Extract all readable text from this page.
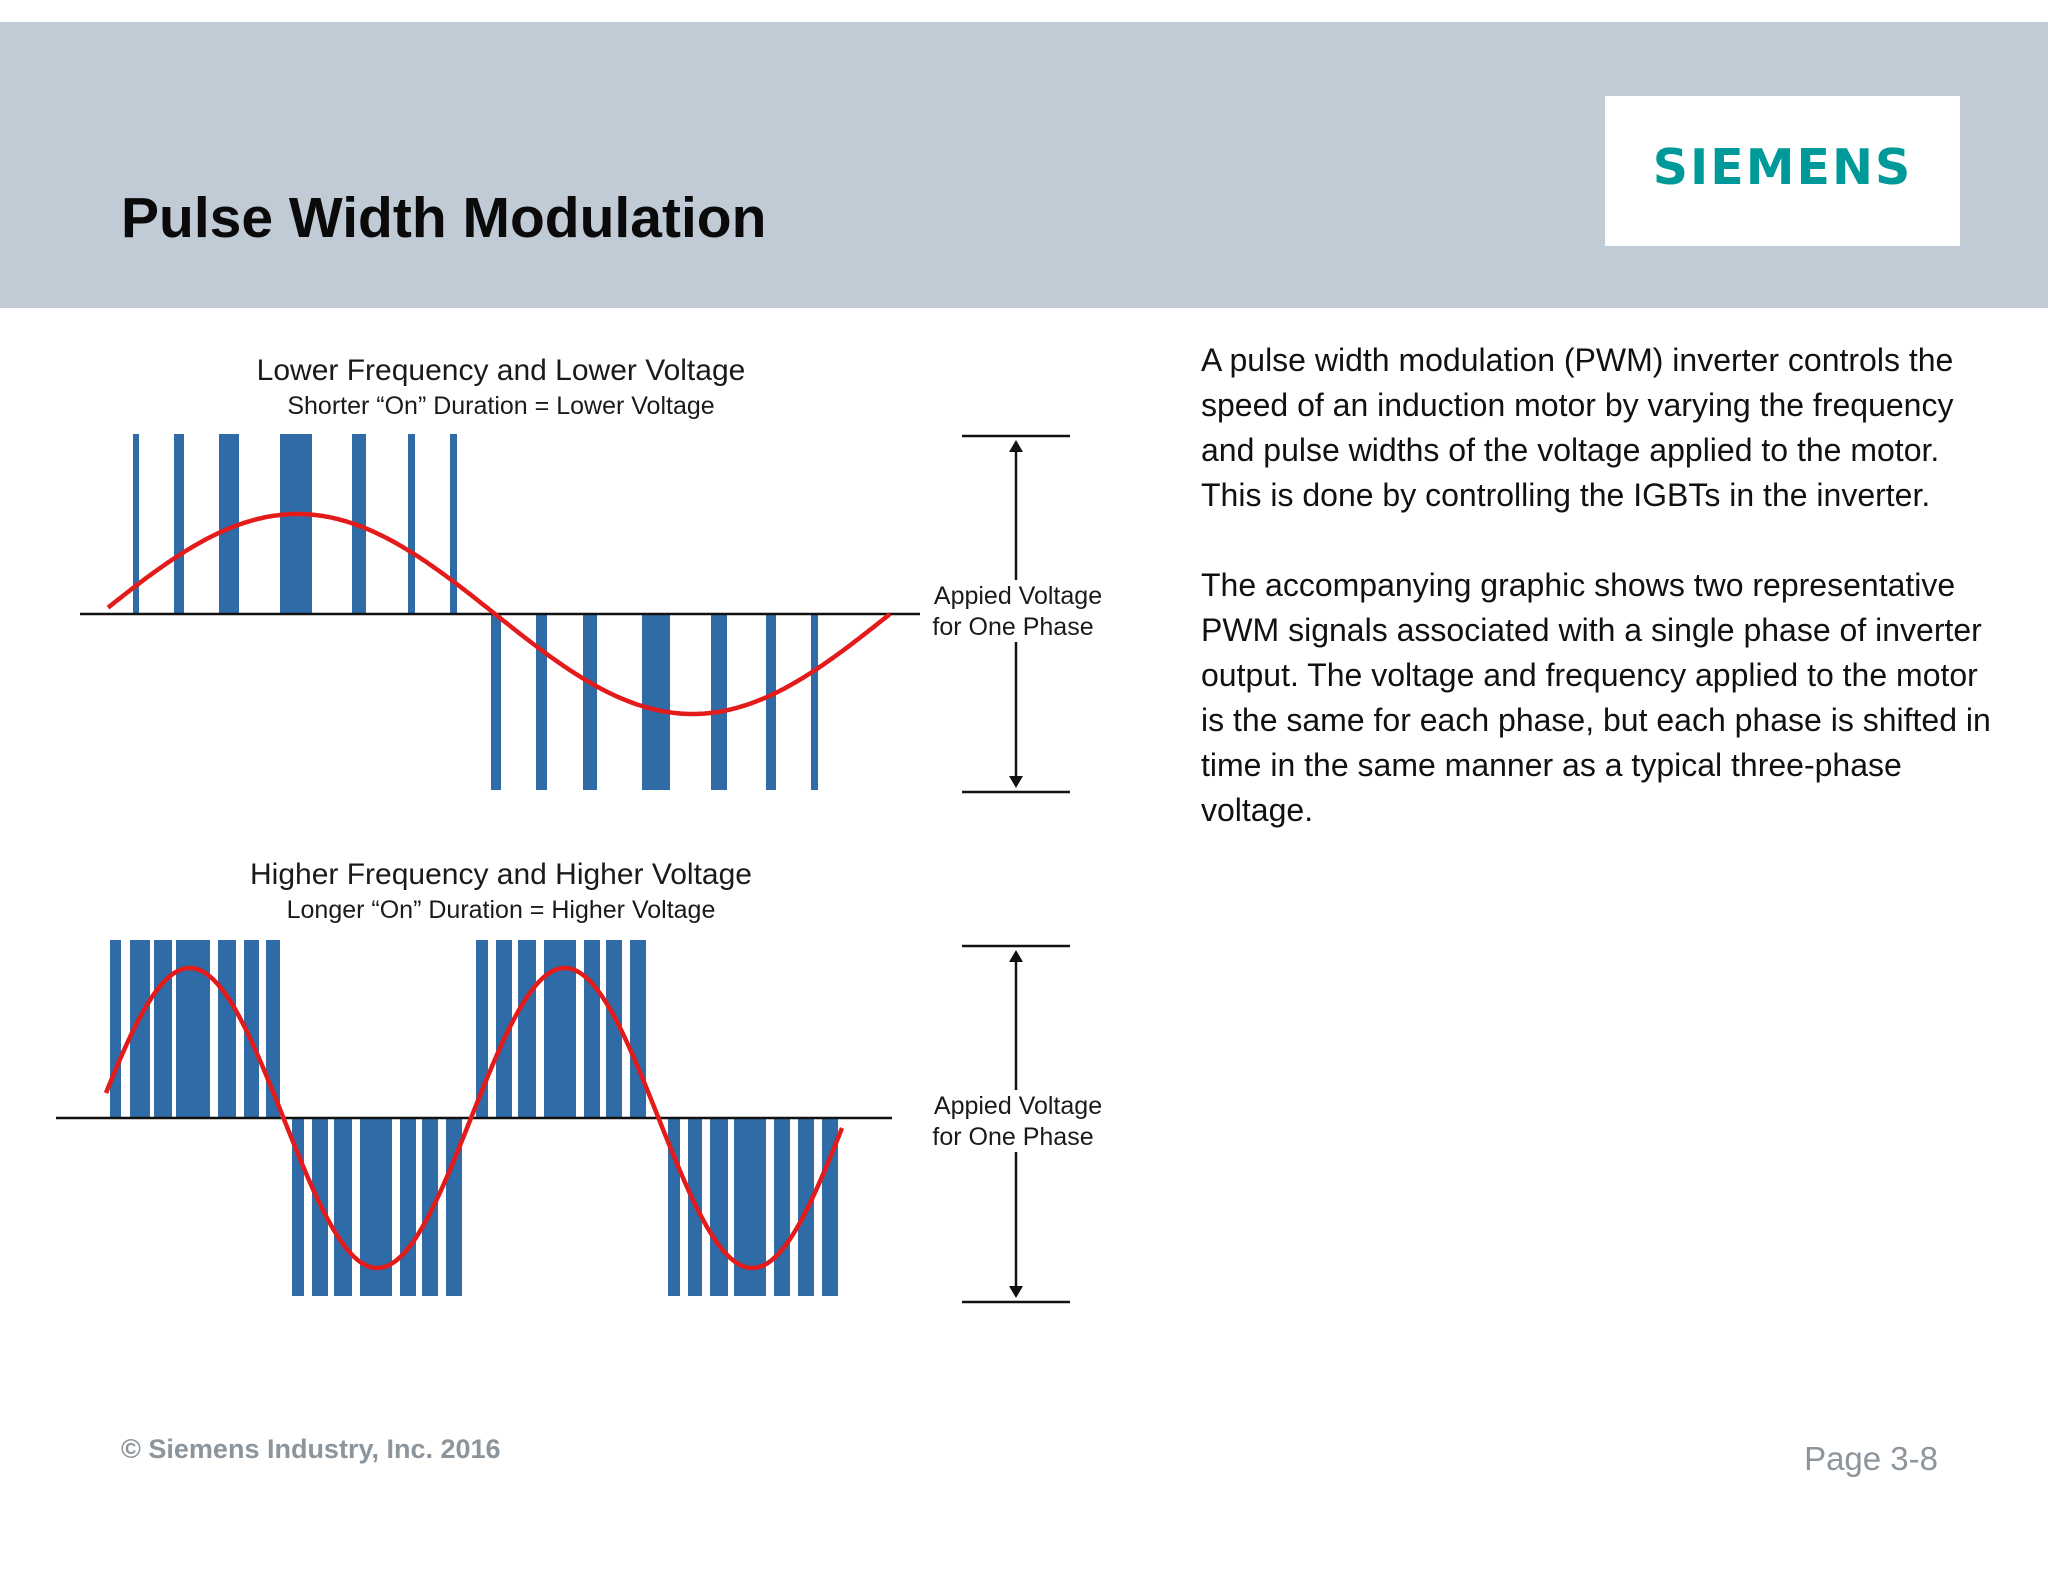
Pulse Width Modulation
SIEMENS
Lower Frequency and Lower Voltage
Shorter “On” Duration = Lower Voltage
Appied Voltage
for One Phase
Higher Frequency and Higher Voltage
Longer “On” Duration = Higher Voltage
Appied Voltage
for One Phase

A pulse width modulation (PWM) inverter controls the speed of an induction motor by varying the frequency and pulse widths of the voltage applied to the motor. This is done by controlling the IGBTs in the inverter.

The accompanying graphic shows two representative PWM signals associated with a single phase of inverter output. The voltage and frequency applied to the motor is the same for each phase, but each phase is shifted in time in the same manner as a typical three-phase voltage.

© Siemens Industry, Inc. 2016	Page 3-8
